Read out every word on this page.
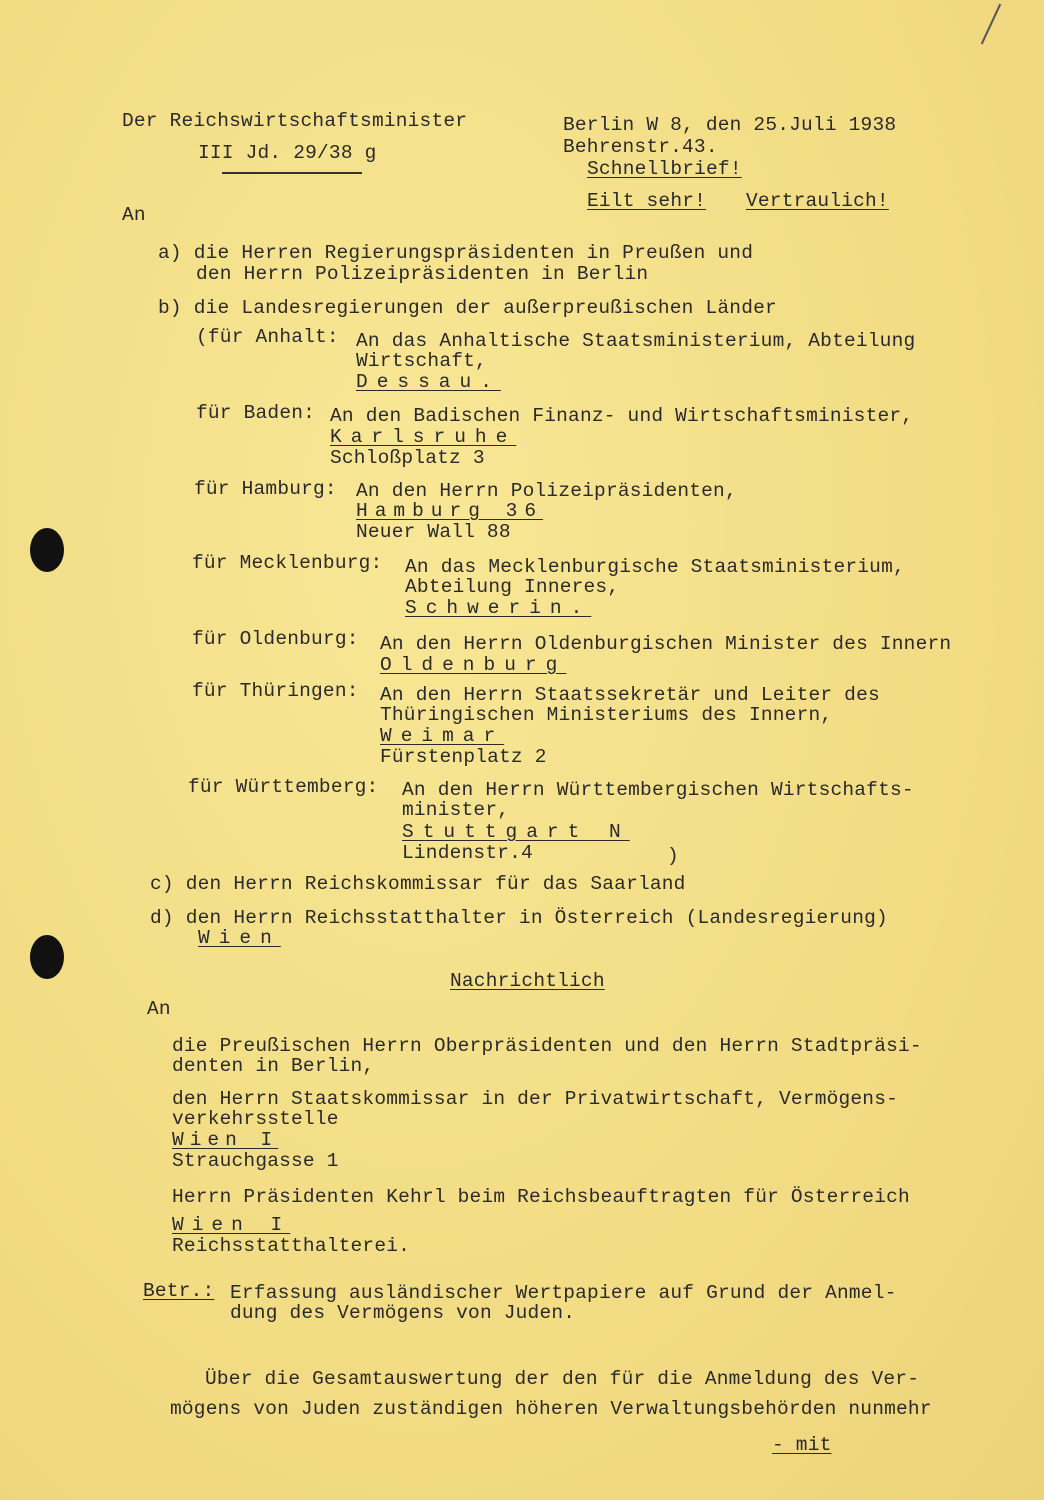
Der Reichswirtschaftsminister
III Jd. 29/38 g
Berlin W 8, den 25.Juli 1938
Behrenstr.43.
Schnellbrief!
Eilt sehr! Vertraulich!
An
a) die Herren Regierungspräsidenten in Preußen und
den Herrn Polizeipräsidenten in Berlin
b) die Landesregierungen der außerpreußischen Länder
(für Anhalt: An das Anhaltische Staatsministerium, Abteilung
Wirtschaft,
Dessau.
für Baden: An den Badischen Finanz- und Wirtschaftsminister,
Karlsruhe
Schloßplatz 3
für Hamburg: An den Herrn Polizeipräsidenten,
Hamburg 36
Neuer Wall 88
für Mecklenburg: An das Mecklenburgische Staatsministerium,
Abteilung Inneres,
Schwerin.
für Oldenburg: An den Herrn Oldenburgischen Minister des Innern
Oldenburg
für Thüringen: An den Herrn Staatssekretär und Leiter des
Thüringischen Ministeriums des Innern,
Weimar
Fürstenplatz 2
für Württemberg: An den Herrn Württembergischen Wirtschafts-
minister,
Stuttgart N
Lindenstr.4	)
c) den Herrn Reichskommissar für das Saarland
d) den Herrn Reichsstatthalter in Österreich (Landesregierung)
Wien
Nachrichtlich
An
die Preußischen Herrn Oberpräsidenten und den Herrn Stadtpräsi-
denten in Berlin,
den Herrn Staatskommissar in der Privatwirtschaft, Vermögens-
verkehrsstelle
Wien I
Strauchgasse 1
Herrn Präsidenten Kehrl beim Reichsbeauftragten für Österreich
Wien I
Reichsstatthalterei.
Betr.: Erfassung ausländischer Wertpapiere auf Grund der Anmel-
dung des Vermögens von Juden.
Über die Gesamtauswertung der den für die Anmeldung des Ver-
mögens von Juden zuständigen höheren Verwaltungsbehörden nunmehr
- mit
